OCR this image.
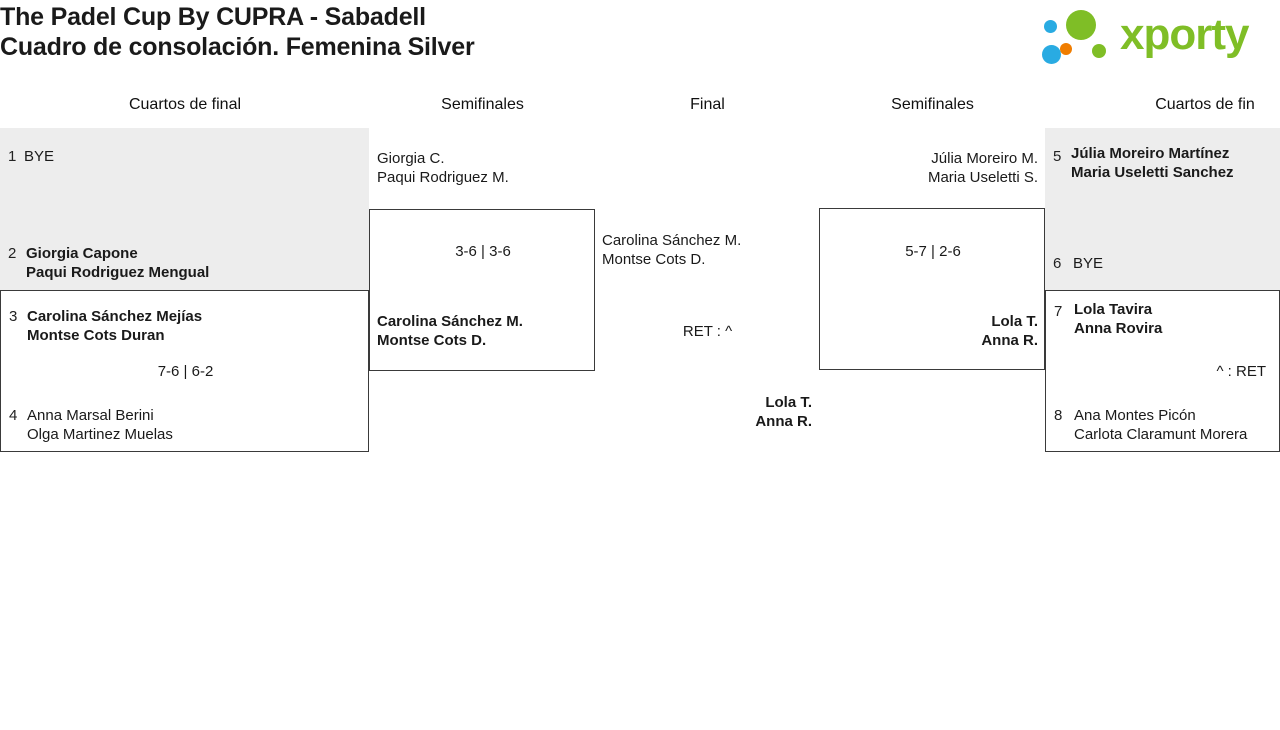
The Padel Cup By CUPRA - Sabadell
Cuadro de consolación. Femenina Silver	xporty
Cuartos de final	Semifinales	Final	Semifinales	Cuartos de fin
1 BYE
2 Giorgia Capone
Paqui Rodriguez Mengual
3 Carolina Sánchez Mejías
Montse Cots Duran
7-6 | 6-2
4 Anna Marsal Berini
Olga Martinez Muelas
3-6 | 3-6
Giorgia C.
Paqui Rodriguez M.
Carolina Sánchez M.
Montse Cots D.
Carolina Sánchez M.
Montse Cots D.
RET : ^
Lola T.
Anna R.
5-7 | 2-6
Júlia Moreiro M.
Maria Useletti S.
Lola T.
Anna R.
5 Júlia Moreiro Martínez
Maria Useletti Sanchez
6 BYE
7 Lola Tavira
Anna Rovira
^ : RET
8 Ana Montes Picón
Carlota Claramunt Morera
